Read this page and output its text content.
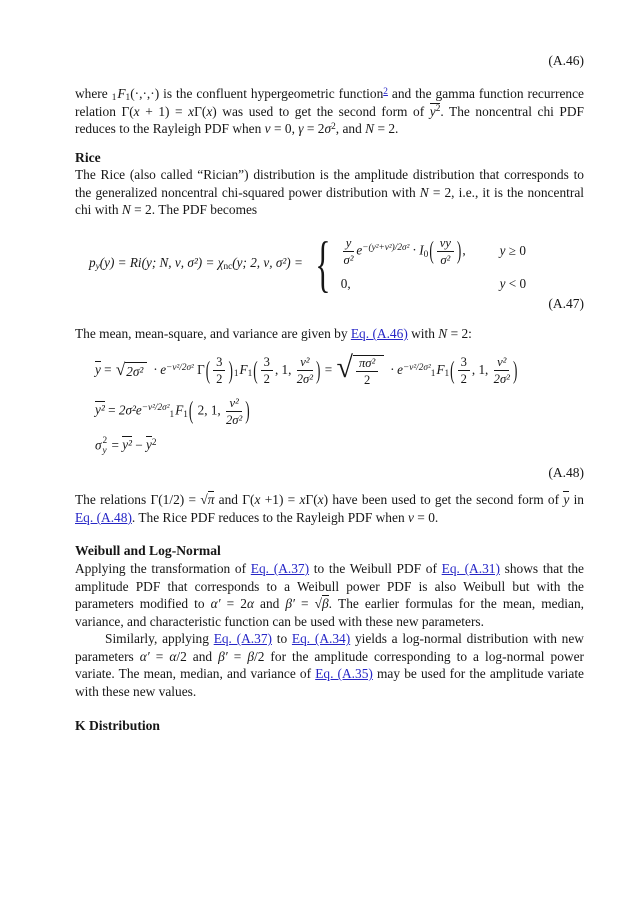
(A.46)

where $_1F_1(\cdot,\cdot,\cdot)$ is the confluent hypergeometric function$^2$ and the gamma function recurrence relation Γ(x + 1) = xΓ(x) was used to get the second form of $y^2$. The noncentral chi PDF reduces to the Rayleigh PDF when ν = 0, $\gamma = 2\sigma^2$, and N = 2.

Rice

The Rice (also called “Rician”) distribution is the amplitude distribution that corresponds to the generalized noncentral chi-squared power distribution with N = 2, i.e., it is the noncentral chi with N = 2. The PDF becomes

$p_y(y) = Ri(y$; N, ν, $\sigma^2) = \chi_{nc}(y$; 2, ν, σ²) = { $\frac{y}{\text{σ²}} e^{-(y^2+\nu^2)/2\sigma^2} \cdot I_0( \frac{\nu y}{\text{σ²}}$ ),	y ≥ 0
0,	y < 0
(A.47)

The mean, mean-square, and variance are given by Eq. (A.46) with N = 2:

y = √ $2\sigma^2 \cdot e^{-\nu^2/2\sigma^2}$ $\Gamma( \frac{3}{2} )_1F_1( \frac{3}{2}$ , 1, $\frac{\text{ν²}}{\text{2σ²}}$ ) = √ $\frac{\text{πσ²}}{2} \cdot e^{-\nu^2/2\sigma^2}_1F_1( \frac{3}{2}$ , 1, $\frac{\text{ν²}}{\text{2σ²}}$ )
$y^2 = 2\sigma^2e^{-\nu^2/2\sigma^2}_1F_1$( 2, 1, $\frac{\text{ν²}}{\text{2σ²}}$ )
σ 2
$y = y^2 - y^2$
(A.48)

The relations Γ(1/2) = √π and Γ(x +1) = xΓ(x) have been used to get the second form of y in Eq. (A.48). The Rice PDF reduces to the Rayleigh PDF when ν = 0.

Weibull and Log-Normal

Applying the transformation of Eq. (A.37) to the Weibull PDF of Eq. (A.31) shows that the amplitude PDF that corresponds to a Weibull power PDF is also Weibull but with the parameters modified to α′ = 2α and β′ = √β. The earlier formulas for the mean, median, variance, and characteristic function can be used with these new parameters.

Similarly, applying Eq. (A.37) to Eq. (A.34) yields a log-normal distribution with new parameters α′ = α/2 and β′ = β/2 for the amplitude corresponding to a log-normal power variate. The mean, median, and variance of Eq. (A.35) may be used for the amplitude variate with these new values.

K Distribution
